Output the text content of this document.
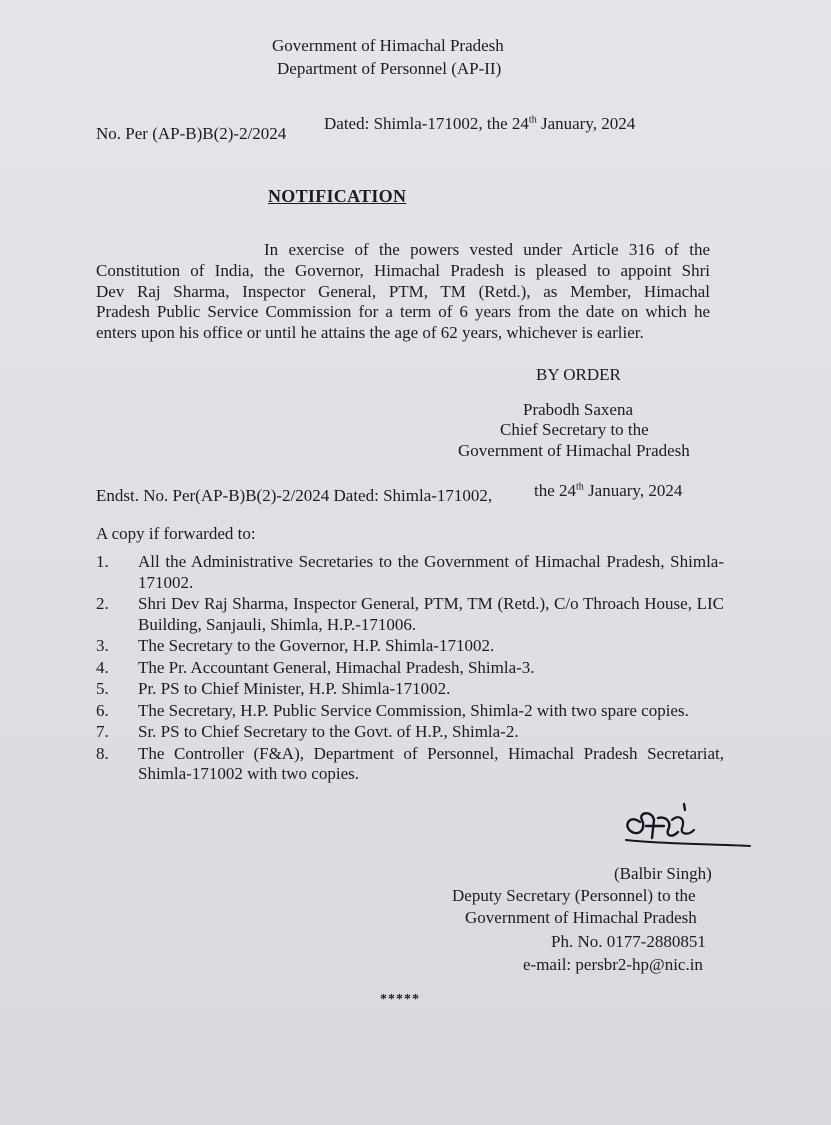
Government of Himachal Pradesh
Department of Personnel (AP-II)
No. Per (AP-B)B(2)-2/2024
Dated: Shimla-171002, the 24th January, 2024
NOTIFICATION
In exercise of the powers vested under Article 316 of the
Constitution of India, the Governor, Himachal Pradesh is pleased to appoint Shri
Dev Raj Sharma, Inspector General, PTM, TM (Retd.), as Member, Himachal
Pradesh Public Service Commission for a term of 6 years from the date on which he
enters upon his office or until he attains the age of 62 years, whichever is earlier.
BY ORDER
Prabodh Saxena
Chief Secretary to the
Government of Himachal Pradesh
Endst. No. Per(AP-B)B(2)-2/2024 Dated: Shimla-171002, the 24th January, 2024
A copy if forwarded to:
1.	All the Administrative Secretaries to the Government of Himachal Pradesh, Shimla-171002.
2.	Shri Dev Raj Sharma, Inspector General, PTM, TM (Retd.), C/o Throach House, LIC Building, Sanjauli, Shimla, H.P.-171006.
3.	The Secretary to the Governor, H.P. Shimla-171002.
4.	The Pr. Accountant General, Himachal Pradesh, Shimla-3.
5.	Pr. PS to Chief Minister, H.P. Shimla-171002.
6.	The Secretary, H.P. Public Service Commission, Shimla-2 with two spare copies.
7.	Sr. PS to Chief Secretary to the Govt. of H.P., Shimla-2.
8.	The Controller (F&A), Department of Personnel, Himachal Pradesh Secretariat, Shimla-171002 with two copies.
(Balbir Singh)
Deputy Secretary (Personnel) to the
Government of Himachal Pradesh
Ph. No. 0177-2880851
e-mail: persbr2-hp@nic.in
*****
